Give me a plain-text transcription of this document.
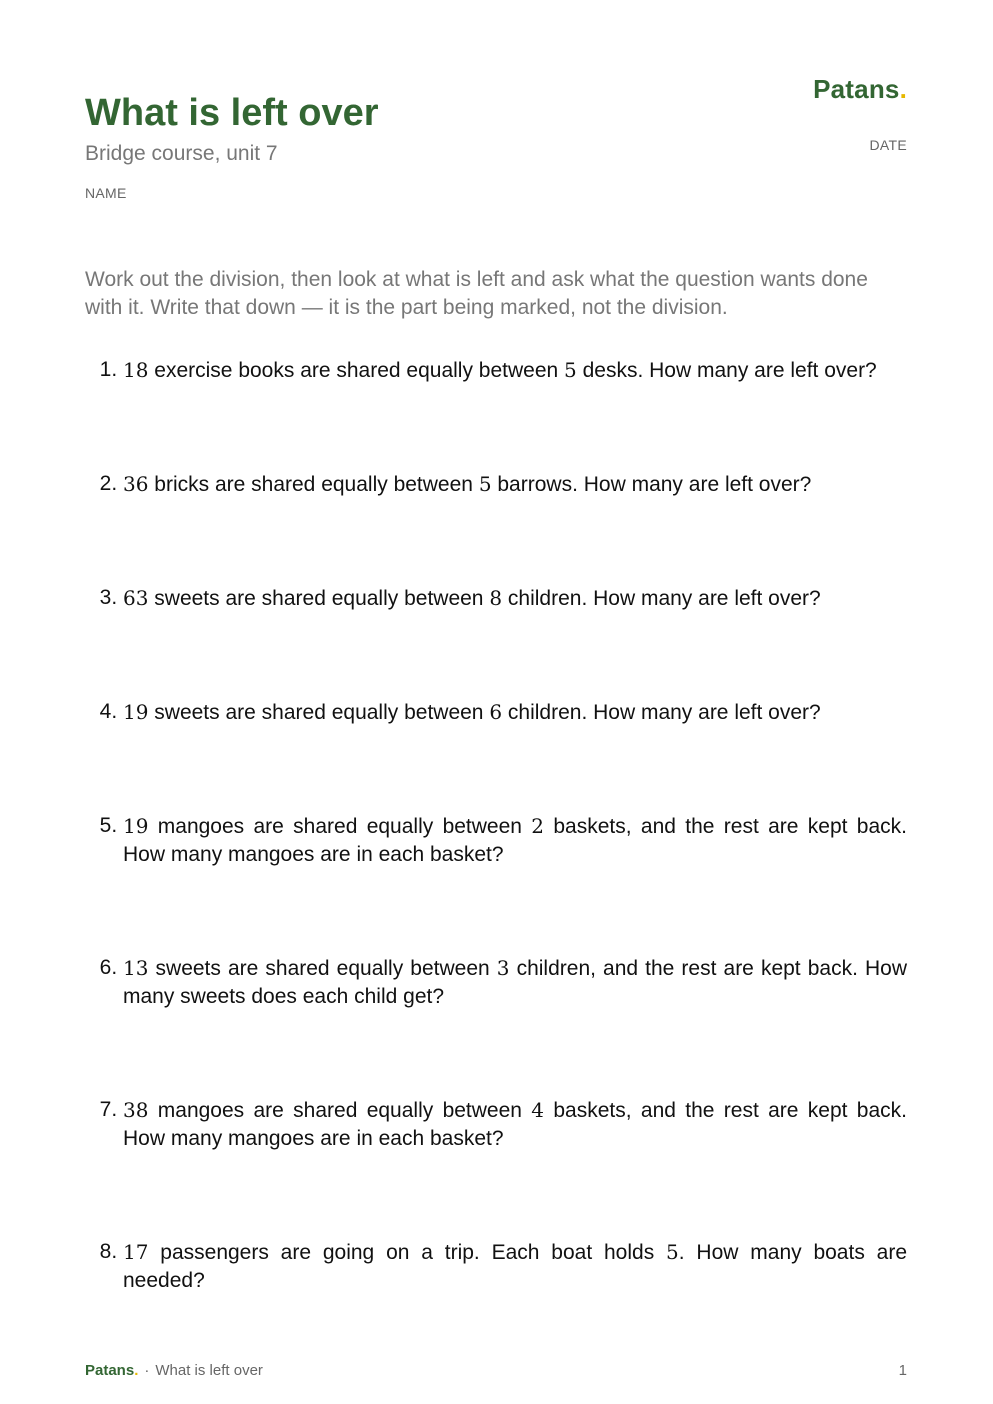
Patans.
What is left over
Bridge course, unit 7
NAME
DATE
Work out the division, then look at what is left and ask what the question wants done with it. Write that down — it is the part being marked, not the division.
1. 18 exercise books are shared equally between 5 desks. How many are left over?
2. 36 bricks are shared equally between 5 barrows. How many are left over?
3. 63 sweets are shared equally between 8 children. How many are left over?
4. 19 sweets are shared equally between 6 children. How many are left over?
5. 19 mangoes are shared equally between 2 baskets, and the rest are kept back. How many mangoes are in each basket?
6. 13 sweets are shared equally between 3 children, and the rest are kept back. How many sweets does each child get?
7. 38 mangoes are shared equally between 4 baskets, and the rest are kept back. How many mangoes are in each basket?
8. 17 passengers are going on a trip. Each boat holds 5. How many boats are needed?
Patans. · What is left over	1
